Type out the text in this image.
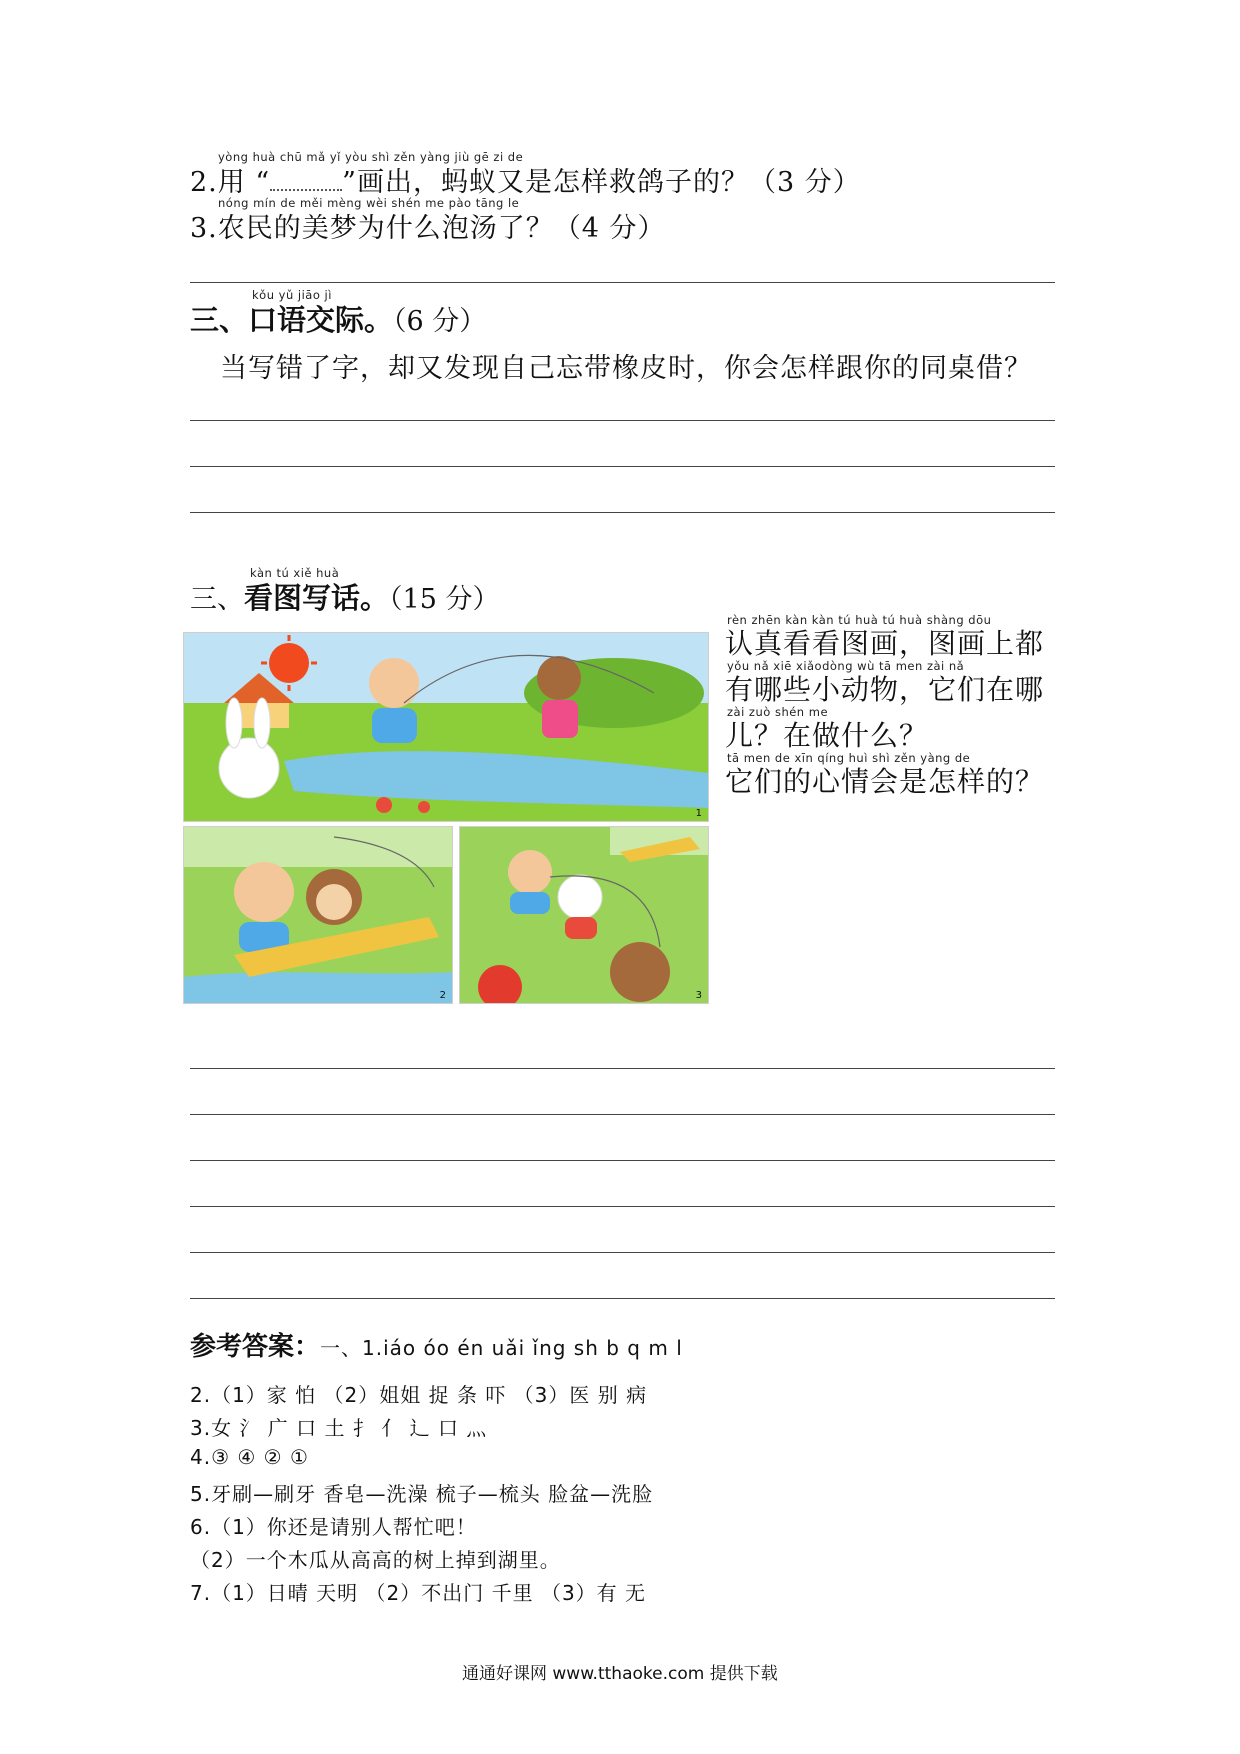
yòng huà chū mǎ yǐ yòu shì zěn yàng jiù gē zi de
2.用 “	”画出，蚂蚁又是怎样救鸽子的？（3 分）
nóng mín de měi mèng wèi shén me pào tāng le
3.农民的美梦为什么泡汤了？（4 分）
kǒu yǔ jiāo jì
三、口语交际。（6 分）
当写错了字，却又发现自己忘带橡皮时，你会怎样跟你的同桌借？
kàn tú xiě huà
三、看图写话。（15 分）
1
2	3
rèn zhēn kàn kàn tú huà tú huà shàng dōu
认真看看图画，图画上都
yǒu nǎ xiē xiǎodòng wù tā men zài nǎ
有哪些小动物，它们在哪
zài zuò shén me
儿？在做什么？
tā men de xīn qíng huì shì zěn yàng de
它们的心情会是怎样的？
参考答案：一、1.iáo óo én uǎi ǐng sh b q m l
2.（1）家 怕 （2）姐姐 捉 条 吓 （3）医 别 病
3.女 氵 广 口 土 扌 亻 辶 口 灬
4.③ ④ ② ①
5.牙刷—刷牙 香皂—洗澡 梳子—梳头 脸盆—洗脸
6.（1）你还是请别人帮忙吧！
（2）一个木瓜从高高的树上掉到湖里。
7.（1）日晴 天明 （2）不出门 千里 （3）有 无
通通好课网 www.tthaoke.com 提供下载
